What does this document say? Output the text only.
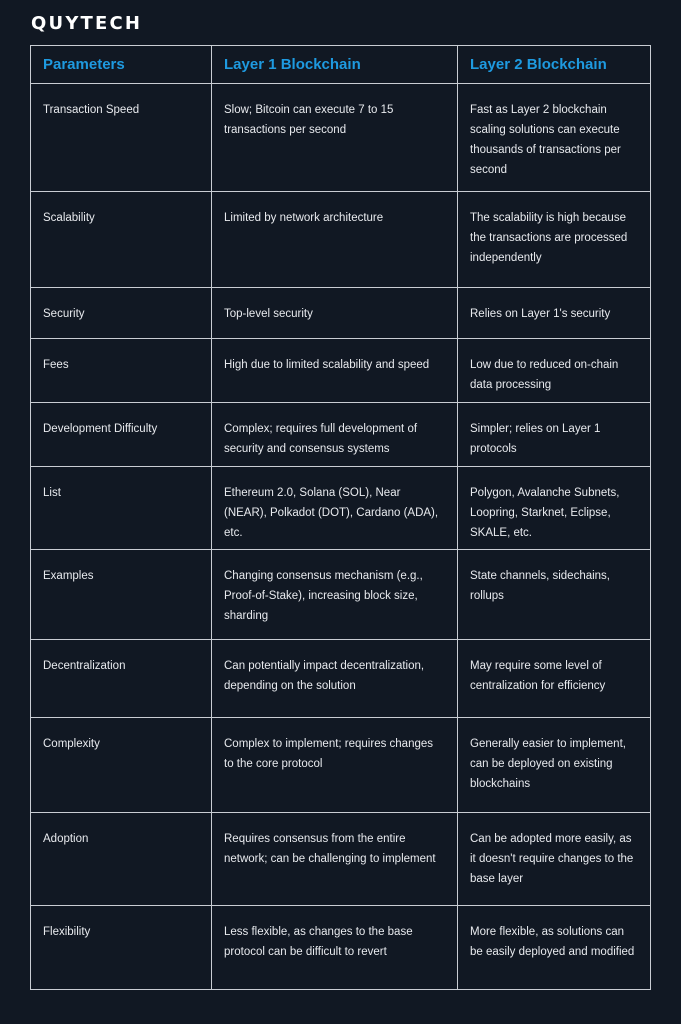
QUYTECH
Parameters	Layer 1 Blockchain	Layer 2 Blockchain
Transaction Speed	Slow; Bitcoin can execute 7 to 15 transactions per second	Fast as Layer 2 blockchain scaling solutions can execute thousands of transactions per second
Scalability	Limited by network architecture	The scalability is high because the transactions are processed independently
Security	Top-level security	Relies on Layer 1's security
Fees	High due to limited scalability and speed	Low due to reduced on-chain data processing
Development Difficulty	Complex; requires full development of security and consensus systems	Simpler; relies on Layer 1 protocols
List	Ethereum 2.0, Solana (SOL), Near (NEAR), Polkadot (DOT), Cardano (ADA), etc.	Polygon, Avalanche Subnets, Loopring, Starknet, Eclipse, SKALE, etc.
Examples	Changing consensus mechanism (e.g., Proof-of-Stake), increasing block size, sharding	State channels, sidechains, rollups
Decentralization	Can potentially impact decentralization, depending on the solution	May require some level of centralization for efficiency
Complexity	Complex to implement; requires changes to the core protocol	Generally easier to implement, can be deployed on existing blockchains
Adoption	Requires consensus from the entire network; can be challenging to implement	Can be adopted more easily, as it doesn't require changes to the base layer
Flexibility	Less flexible, as changes to the base protocol can be difficult to revert	More flexible, as solutions can be easily deployed and modified
